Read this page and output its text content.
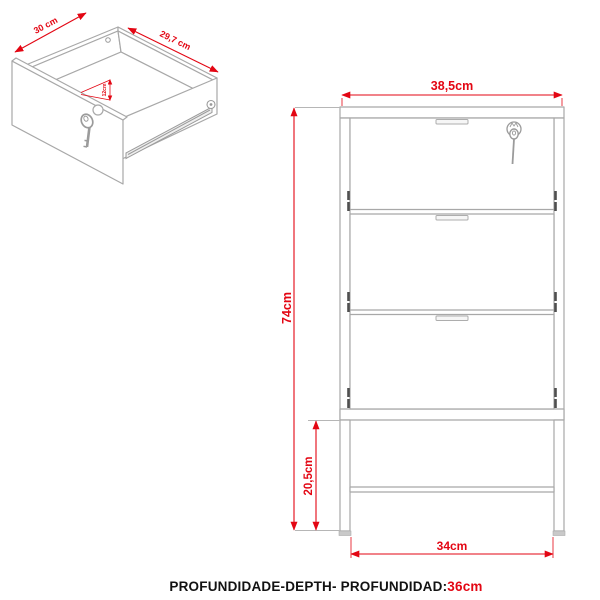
30 cm
29,7 cm
12cm	38,5cm
74cm
20,5cm
34cm
PROFUNDIDADE-DEPTH- PROFUNDIDAD:36cm
